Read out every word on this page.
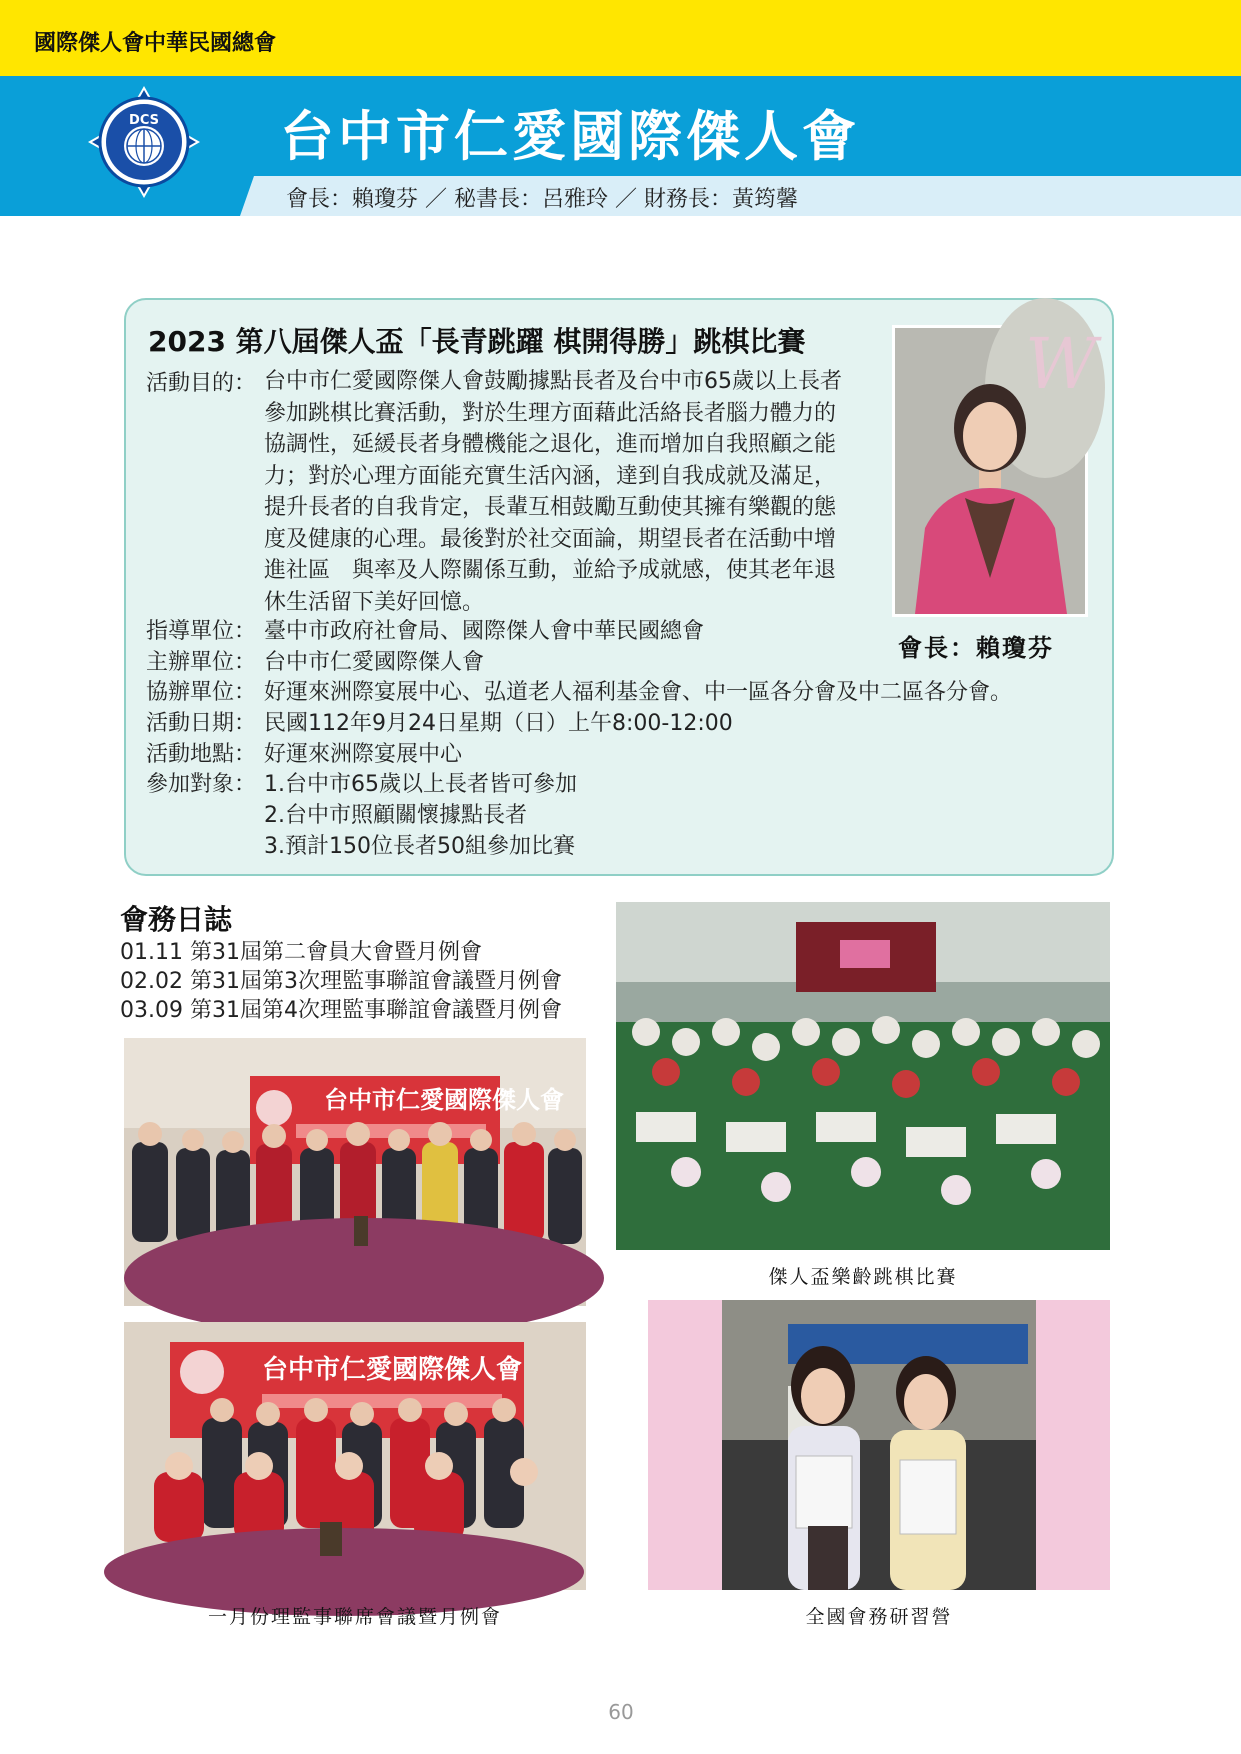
國際傑人會中華民國總會
DCS 台中市仁愛國際傑人會
會長：賴瓊芬 ／ 秘書長：呂雅玲 ／ 財務長：黃筠馨
2023 第八屆傑人盃「長青跳躍 棋開得勝」跳棋比賽
活動目的： 台中市仁愛國際傑人會鼓勵據點長者及台中市65歲以上長者
參加跳棋比賽活動，對於生理方面藉此活絡長者腦力體力的
協調性，延緩長者身體機能之退化，進而增加自我照顧之能
力；對於心理方面能充實生活內涵，達到自我成就及滿足，
提升長者的自我肯定，長輩互相鼓勵互動使其擁有樂觀的態
度及健康的心理。最後對於社交面論，期望長者在活動中增
進社區　與率及人際關係互動，並給予成就感，使其老年退
休生活留下美好回憶。
指導單位： 臺中市政府社會局、國際傑人會中華民國總會
主辦單位： 台中市仁愛國際傑人會
協辦單位： 好運來洲際宴展中心、弘道老人福利基金會、中一區各分會及中二區各分會。
活動日期： 民國112年9月24日星期（日）上午8:00-12:00
活動地點： 好運來洲際宴展中心
參加對象： 1.台中市65歲以上長者皆可參加
2.台中市照顧關懷據點長者
3.預計150位長者50組參加比賽
W
會長：賴瓊芬
會務日誌
01.11 第31屆第二會員大會暨月例會
02.02 第31屆第3次理監事聯誼會議暨月例會
03.09 第31屆第4次理監事聯誼會議暨月例會
台中市仁愛國際傑人會
傑人盃樂齡跳棋比賽
台中市仁愛國際傑人會
一月份理監事聯席會議暨月例會	全國會務研習營
60
